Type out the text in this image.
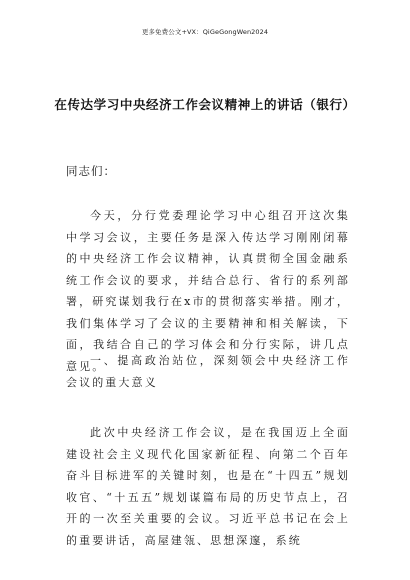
更多免费公文+VX：QiGeGongWen2024
在传达学习中央经济工作会议精神上的讲话（银行）
同志们：

今天，分行党委理论学习中心组召开这次集中学习会议，主要任务是深入传达学习刚刚闭幕的中央经济工作会议精神，认真贯彻全国金融系统工作会议的要求，并结合总行、省行的系列部署，研究谋划我行在x市的贯彻落实举措。刚才，我们集体学习了会议的主要精神和相关解读，下面，我结合自己的学习体会和分行实际，讲几点意见。

一、提高政治站位，深刻领会中央经济工作会议的重大意义

此次中央经济工作会议，是在我国迈上全面建设社会主义现代化国家新征程、向第二个百年奋斗目标进军的关键时刻，也是在“十四五”规划收官、“十五五”规划谋篇布局的历史节点上，召开的一次至关重要的会议。习近平总书记在会上的重要讲话，高屋建瓴、思想深邃，系统
